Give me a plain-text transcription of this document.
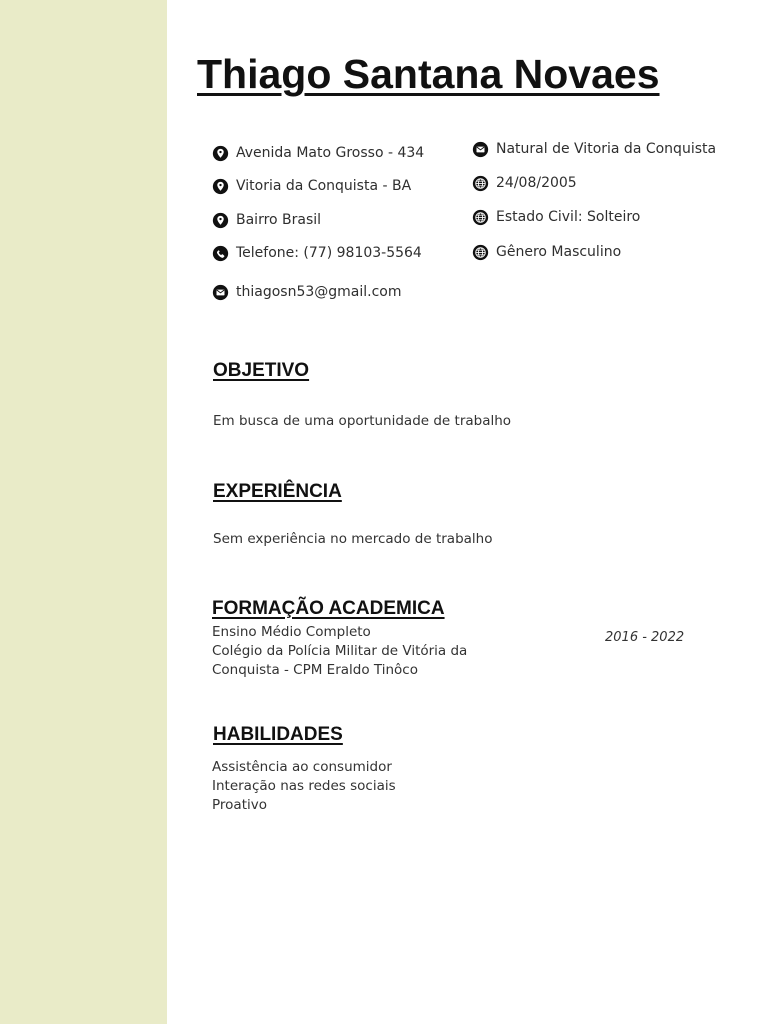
Thiago Santana Novaes
Avenida Mato Grosso - 434
Vitoria da Conquista - BA
Bairro Brasil
Telefone: (77) 98103-5564
thiagosn53@gmail.com
Natural de Vitoria da Conquista
24/08/2005
Estado Civil: Solteiro
Gênero Masculino
OBJETIVO
Em busca de uma oportunidade de trabalho
EXPERIÊNCIA
Sem experiência no mercado de trabalho
FORMAÇÃO ACADEMICA
Ensino Médio Completo
Colégio da Polícia Militar de Vitória da
Conquista - CPM Eraldo Tinôco
2016 - 2022
HABILIDADES
Assistência ao consumidor
Interação nas redes sociais
Proativo
